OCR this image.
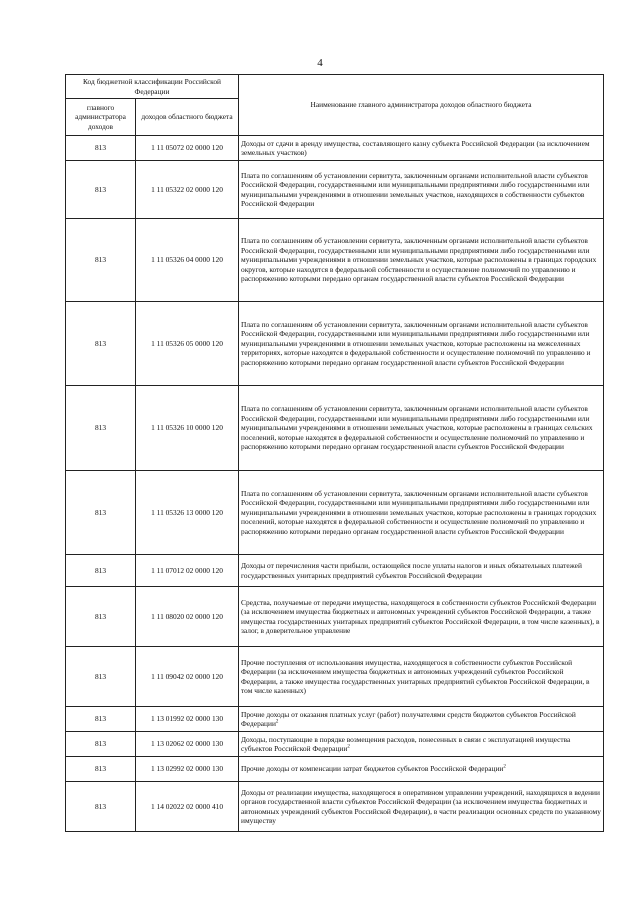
4
Код бюджетной классификации Российской Федерации		Наименование главного администратора доходов областного бюджета
главного администратора доходов	доходов областного бюджета	
813	1 11 05072 02 0000 120	Доходы от сдачи в аренду имущества, составляющего казну субъекта Российской Федерации (за исключением земельных участков)
813	1 11 05322 02 0000 120	Плата по соглашениям об установлении сервитута, заключенным органами исполнительной власти субъектов Российской Федерации, государственными или муниципальными предприятиями либо государственными или муниципальными учреждениями в отношении земельных участков, находящихся в собственности субъектов Российской Федерации
813	1 11 05326 04 0000 120	Плата по соглашениям об установлении сервитута, заключенным органами исполнительной власти субъектов Российской Федерации, государственными или муниципальными предприятиями либо государственными или муниципальными учреждениями в отношении земельных участков, которые расположены в границах городских округов, которые находятся в федеральной собственности и осуществление полномочий по управлению и распоряжению которыми передано органам государственной власти субъектов Российской Федерации
813	1 11 05326 05 0000 120	Плата по соглашениям об установлении сервитута, заключенным органами исполнительной власти субъектов Российской Федерации, государственными или муниципальными предприятиями либо государственными или муниципальными учреждениями в отношении земельных участков, которые расположены на межселенных территориях, которые находятся в федеральной собственности и осуществление полномочий по управлению и распоряжению которыми передано органам государственной власти субъектов Российской Федерации
813	1 11 05326 10 0000 120	Плата по соглашениям об установлении сервитута, заключенным органами исполнительной власти субъектов Российской Федерации, государственными или муниципальными предприятиями либо государственными или муниципальными учреждениями в отношении земельных участков, которые расположены в границах сельских поселений, которые находятся в федеральной собственности и осуществление полномочий по управлению и распоряжению которыми передано органам государственной власти субъектов Российской Федерации
813	1 11 05326 13 0000 120	Плата по соглашениям об установлении сервитута, заключенным органами исполнительной власти субъектов Российской Федерации, государственными или муниципальными предприятиями либо государственными или муниципальными учреждениями в отношении земельных участков, которые расположены в границах городских поселений, которые находятся в федеральной собственности и осуществление полномочий по управлению и распоряжению которыми передано органам государственной власти субъектов Российской Федерации
813	1 11 07012 02 0000 120	Доходы от перечисления части прибыли, остающейся после уплаты налогов и иных обязательных платежей государственных унитарных предприятий субъектов Российской Федерации
813	1 11 08020 02 0000 120	Средства, получаемые от передачи имущества, находящегося в собственности субъектов Российской Федерации (за исключением имущества бюджетных и автономных учреждений субъектов Российской Федерации, а также имущества государственных унитарных предприятий субъектов Российской Федерации, в том числе казенных), в залог, в доверительное управление
813	1 11 09042 02 0000 120	Прочие поступления от использования имущества, находящегося в собственности субъектов Российской Федерации (за исключением имущества бюджетных и автономных учреждений субъектов Российской Федерации, а также имущества государственных унитарных предприятий субъектов Российской Федерации, в том числе казенных)
813	1 13 01992 02 0000 130	Прочие доходы от оказания платных услуг (работ) получателями средств бюджетов субъектов Российской Федерации$^2$
813	1 13 02062 02 0000 130	Доходы, поступающие в порядке возмещения расходов, понесенных в связи с эксплуатацией имущества субъектов Российской Федерации$^2$
813	1 13 02992 02 0000 130	Прочие доходы от компенсации затрат бюджетов субъектов Российской Федерации$^2$
813	1 14 02022 02 0000 410	Доходы от реализации имущества, находящегося в оперативном управлении учреждений, находящихся в ведении органов государственной власти субъектов Российской Федерации (за исключением имущества бюджетных и автономных учреждений субъектов Российской Федерации), в части реализации основных средств по указанному имуществу
